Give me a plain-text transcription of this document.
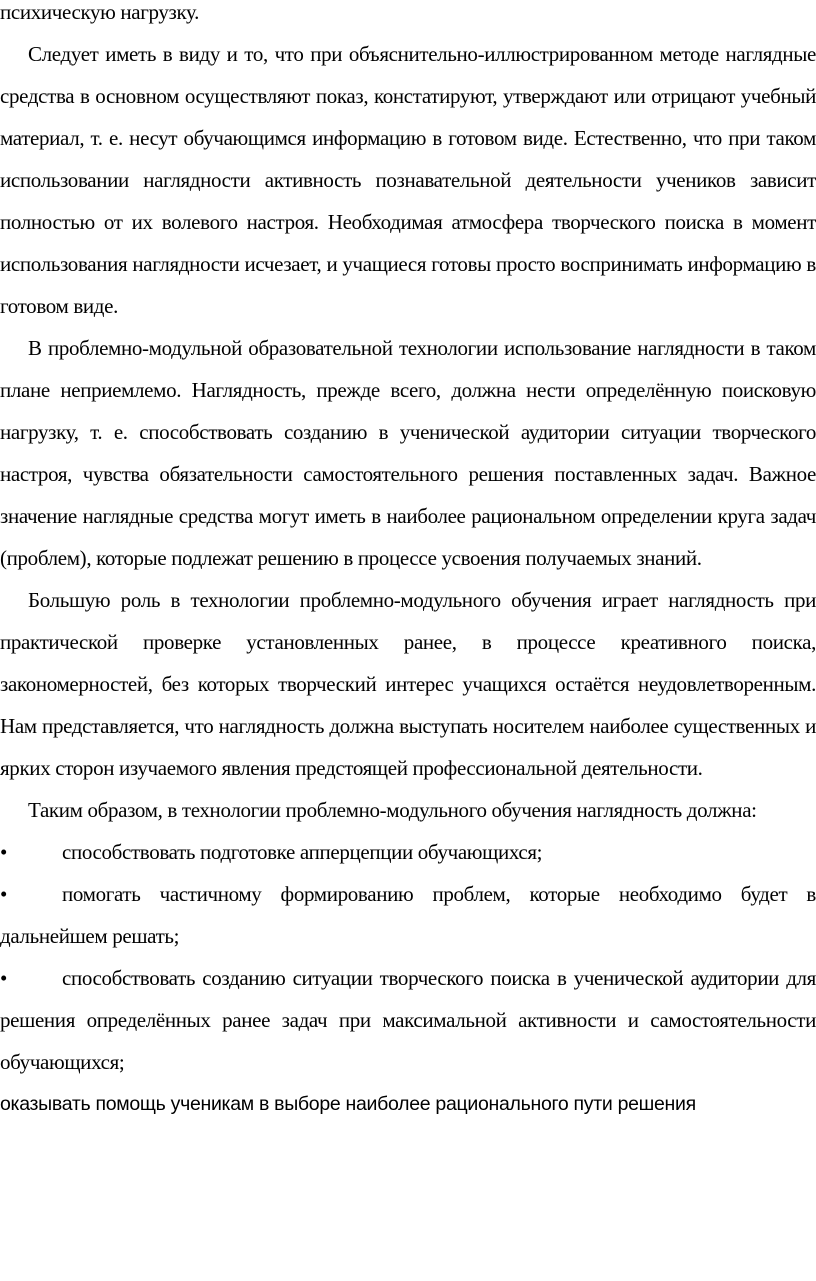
психическую нагрузку.

Следует иметь в виду и то, что при объяснительно-иллюстрированном методе наглядные средства в основном осуществляют показ, констатируют, утверждают или отрицают учебный материал, т. е. несут обучающимся информацию в готовом виде. Естественно, что при таком использовании наглядности активность познавательной деятельности учеников зависит полностью от их волевого настроя. Необходимая атмосфера творческого поиска в момент использования наглядности исчезает, и учащиеся готовы просто воспринимать информацию в готовом виде.

В проблемно-модульной образовательной технологии использование наглядности в таком плане неприемлемо. Наглядность, прежде всего, должна нести определённую поисковую нагрузку, т. е. способствовать созданию в ученической аудитории ситуации творческого настроя, чувства обязательности самостоятельного решения поставленных задач. Важное значение наглядные средства могут иметь в наиболее рациональном определении круга задач (проблем), которые подлежат решению в процессе усвоения получаемых знаний.

Большую роль в технологии проблемно-модульного обучения играет наглядность при практической проверке установленных ранее, в процессе креативного поиска, закономерностей, без которых творческий интерес учащихся остаётся неудовлетворенным. Нам представляется, что наглядность должна выступать носителем наиболее существенных и ярких сторон изучаемого явления предстоящей профессиональной деятельности.

Таким образом, в технологии проблемно-модульного обучения наглядность должна:

•	способствовать подготовке апперцепции обучающихся;

•	помогать частичному формированию проблем, которые необходимо будет в дальнейшем решать;

•	способствовать созданию ситуации творческого поиска в ученической аудитории для решения определённых ранее задач при максимальной активности и самостоятельности обучающихся;

оказывать помощь ученикам в выборе наиболее рационального пути решения
